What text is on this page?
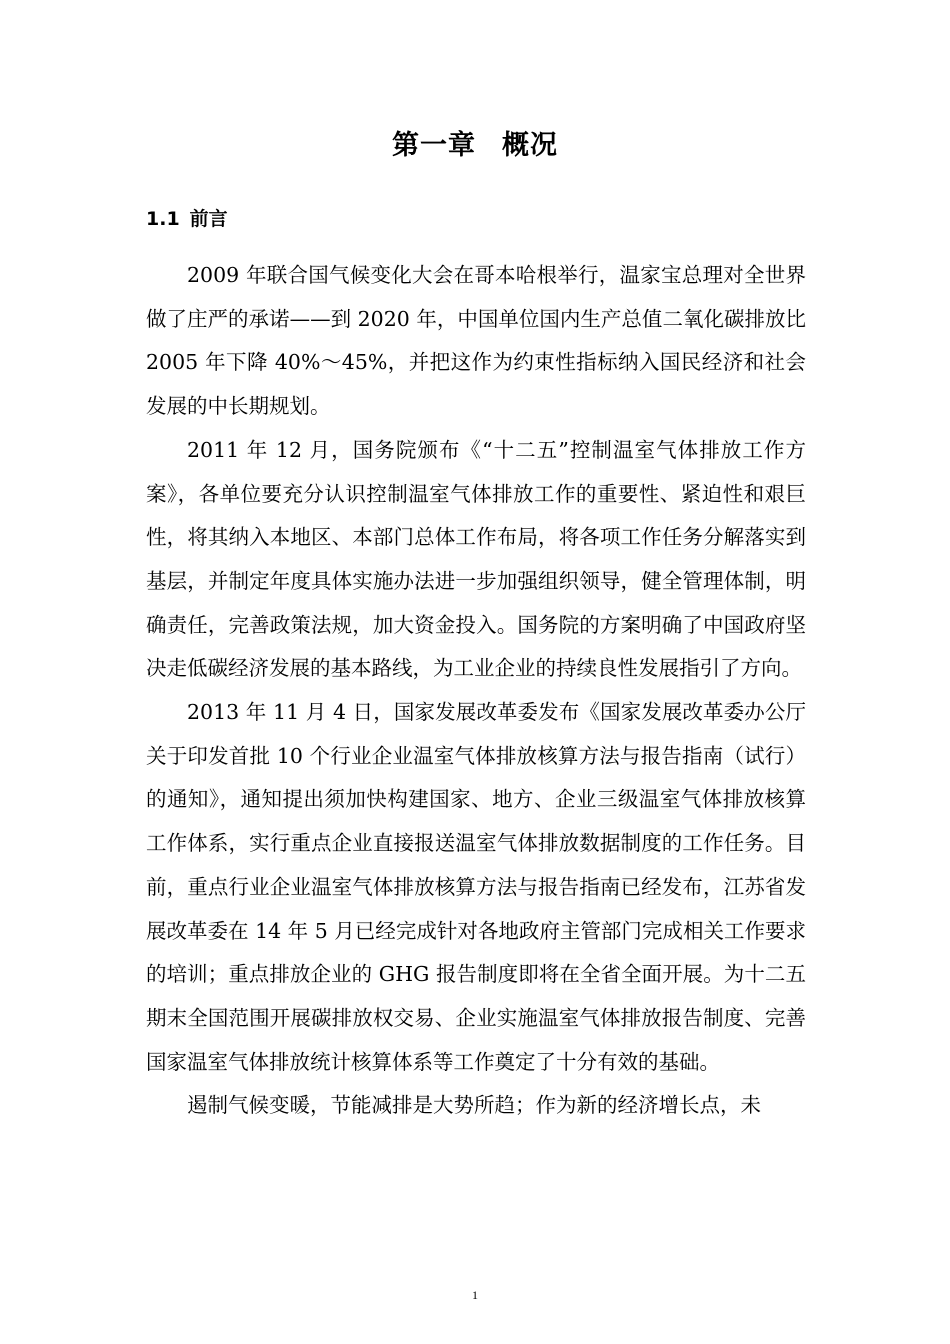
第一章 概况
1.1 前言

2009 年联合国气候变化大会在哥本哈根举行，温家宝总理对全世界做了庄严的承诺——到 2020 年，中国单位国内生产总值二氧化碳排放比 2005 年下降 40%～45%，并把这作为约束性指标纳入国民经济和社会发展的中长期规划。

2011 年 12 月，国务院颁布《“十二五”控制温室气体排放工作方案》，各单位要充分认识控制温室气体排放工作的重要性、紧迫性和艰巨性，将其纳入本地区、本部门总体工作布局，将各项工作任务分解落实到基层，并制定年度具体实施办法进一步加强组织领导，健全管理体制，明确责任，完善政策法规，加大资金投入。国务院的方案明确了中国政府坚决走低碳经济发展的基本路线，为工业企业的持续良性发展指引了方向。

2013 年 11 月 4 日，国家发展改革委发布《国家发展改革委办公厅关于印发首批 10 个行业企业温室气体排放核算方法与报告指南（试行）的通知》，通知提出须加快构建国家、地方、企业三级温室气体排放核算工作体系，实行重点企业直接报送温室气体排放数据制度的工作任务。目前，重点行业企业温室气体排放核算方法与报告指南已经发布，江苏省发展改革委在 14 年 5 月已经完成针对各地政府主管部门完成相关工作要求的培训；重点排放企业的 GHG 报告制度即将在全省全面开展。为十二五期末全国范围开展碳排放权交易、企业实施温室气体排放报告制度、完善国家温室气体排放统计核算体系等工作奠定了十分有效的基础。

遏制气候变暖，节能减排是大势所趋；作为新的经济增长点，未

1
